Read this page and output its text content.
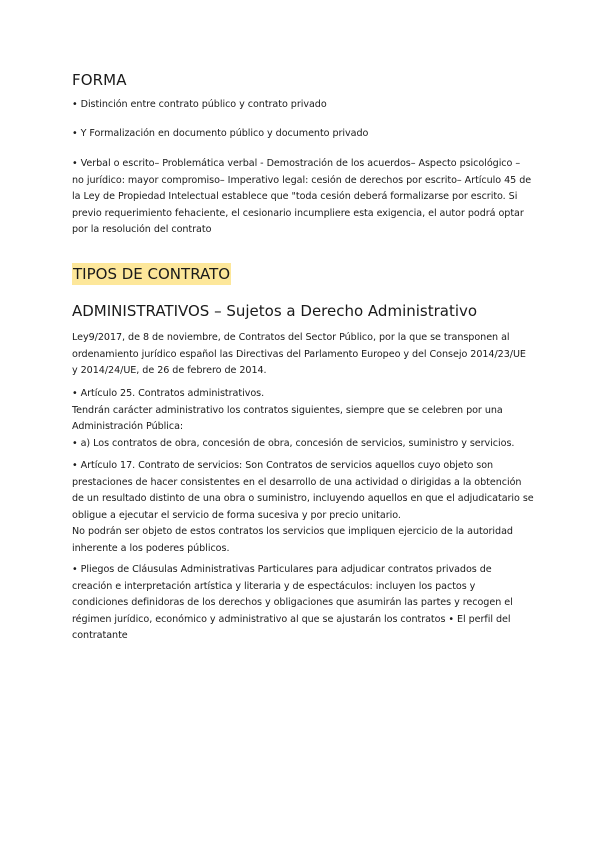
FORMA

• Distinción entre contrato público y contrato privado

• Y Formalización en documento público y documento privado

• Verbal o escrito– Problemática verbal - Demostración de los acuerdos– Aspecto psicológico – no jurídico: mayor compromiso– Imperativo legal: cesión de derechos por escrito– Artículo 45 de la Ley de Propiedad Intelectual establece que "toda cesión deberá formalizarse por escrito. Si previo requerimiento fehaciente, el cesionario incumpliere esta exigencia, el autor podrá optar por la resolución del contrato

TIPOS DE CONTRATO
ADMINISTRATIVOS – Sujetos a Derecho Administrativo

Ley9/2017, de 8 de noviembre, de Contratos del Sector Público, por la que se transponen al ordenamiento jurídico español las Directivas del Parlamento Europeo y del Consejo 2014/23/UE y 2014/24/UE, de 26 de febrero de 2014.

• Artículo 25. Contratos administrativos.
Tendrán carácter administrativo los contratos siguientes, siempre que se celebren por una Administración Pública:
• a) Los contratos de obra, concesión de obra, concesión de servicios, suministro y servicios.
• Artículo 17. Contrato de servicios: Son Contratos de servicios aquellos cuyo objeto son prestaciones de hacer consistentes en el desarrollo de una actividad o dirigidas a la obtención de un resultado distinto de una obra o suministro, incluyendo aquellos en que el adjudicatario se obligue a ejecutar el servicio de forma sucesiva y por precio unitario.
No podrán ser objeto de estos contratos los servicios que impliquen ejercicio de la autoridad inherente a los poderes públicos.

• Pliegos de Cláusulas Administrativas Particulares para adjudicar contratos privados de creación e interpretación artística y literaria y de espectáculos: incluyen los pactos y condiciones definidoras de los derechos y obligaciones que asumirán las partes y recogen el régimen jurídico, económico y administrativo al que se ajustarán los contratos • El perfil del contratante
